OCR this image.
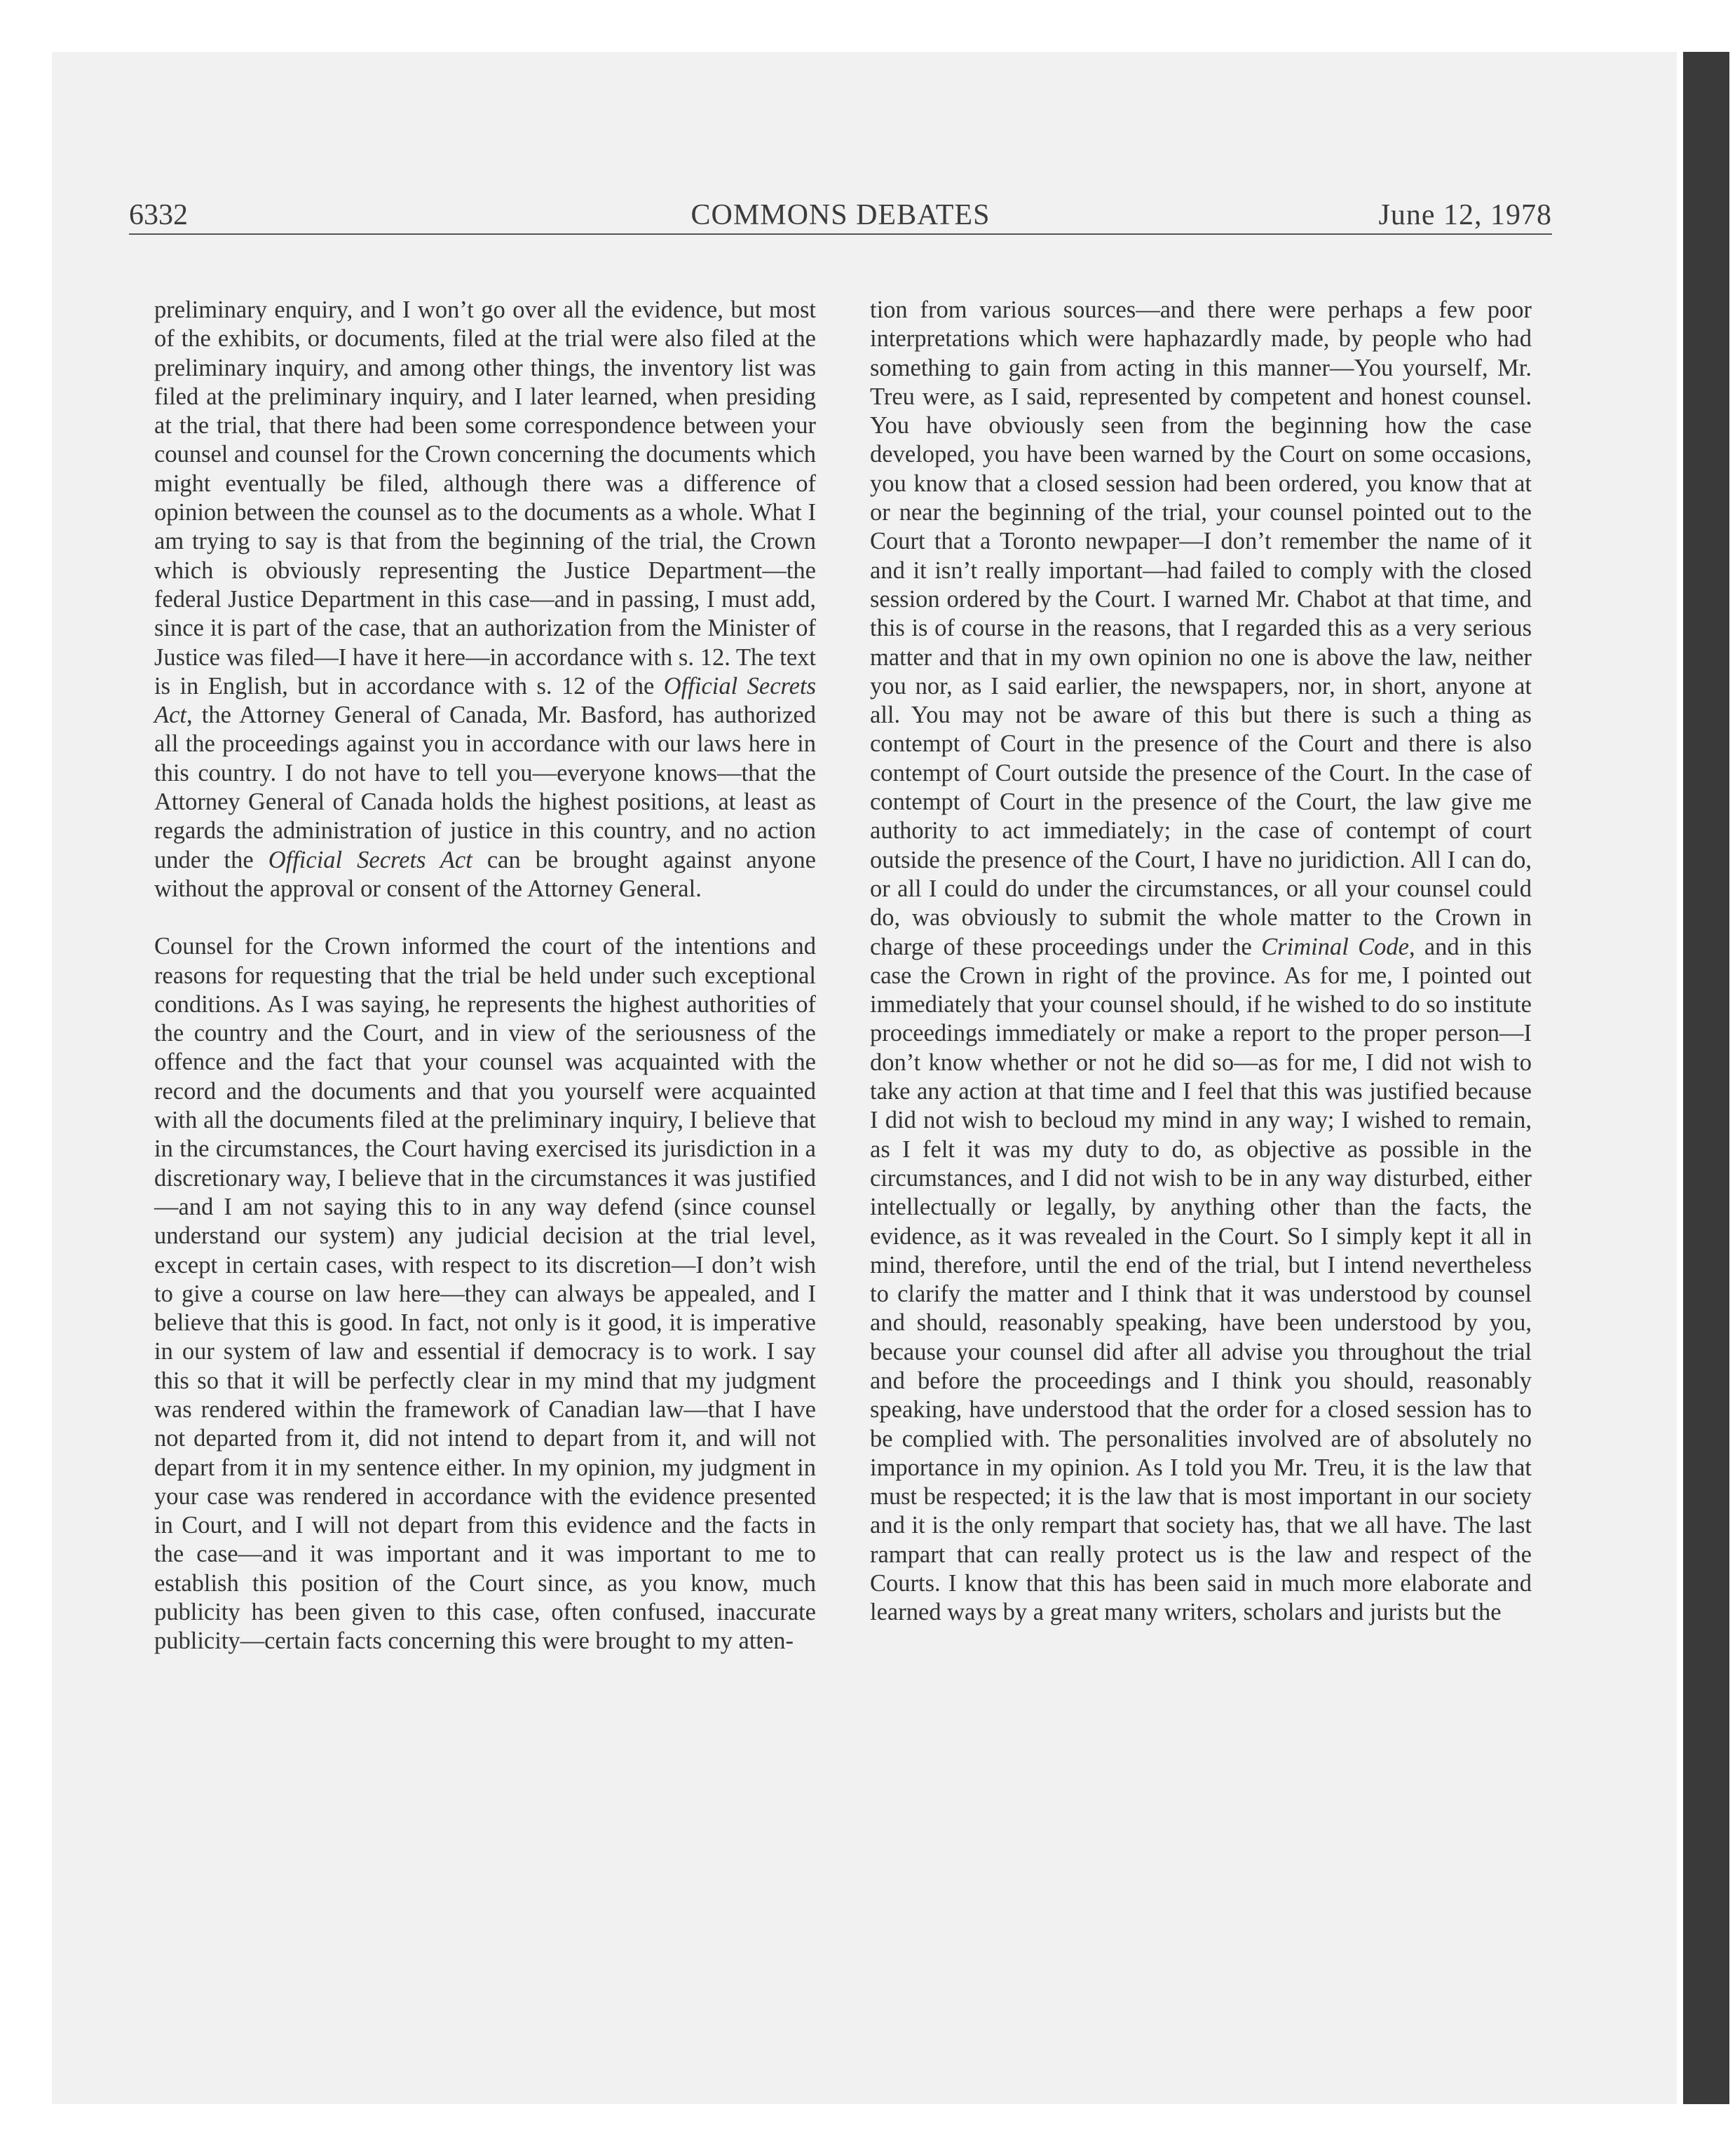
6332	COMMONS DEBATES	June 12, 1978

preliminary enquiry, and I won’t go over all the evidence, but most of the exhibits, or documents, filed at the trial were also filed at the preliminary inquiry, and among other things, the inventory list was filed at the preliminary inquiry, and I later learned, when presiding at the trial, that there had been some correspondence between your counsel and counsel for the Crown concerning the documents which might eventually be filed, although there was a difference of opinion between the counsel as to the documents as a whole. What I am trying to say is that from the beginning of the trial, the Crown which is obviously representing the Justice Department—the federal Justice Department in this case—and in passing, I must add, since it is part of the case, that an authorization from the Minister of Justice was filed—I have it here—in accordance with s. 12. The text is in English, but in accordance with s. 12 of the Official Secrets Act, the Attorney General of Canada, Mr. Basford, has authorized all the proceedings against you in accordance with our laws here in this country. I do not have to tell you—everyone knows—that the Attorney General of Canada holds the highest positions, at least as regards the administration of justice in this country, and no action under the Official Secrets Act can be brought against anyone without the approval or consent of the Attorney General.

Counsel for the Crown informed the court of the intentions and reasons for requesting that the trial be held under such exceptional conditions. As I was saying, he represents the highest authorities of the country and the Court, and in view of the seriousness of the offence and the fact that your counsel was acquainted with the record and the documents and that you yourself were acquainted with all the documents filed at the preliminary inquiry, I believe that in the circumstances, the Court having exercised its jurisdiction in a discretionary way, I believe that in the circumstances it was justified—and I am not saying this to in any way defend (since counsel understand our system) any judicial decision at the trial level, except in certain cases, with respect to its discretion—I don’t wish to give a course on law here—they can always be appealed, and I believe that this is good. In fact, not only is it good, it is imperative in our system of law and essential if democracy is to work. I say this so that it will be perfectly clear in my mind that my judgment was rendered within the framework of Canadian law—that I have not departed from it, did not intend to depart from it, and will not depart from it in my sentence either. In my opinion, my judgment in your case was rendered in accordance with the evidence presented in Court, and I will not depart from this evidence and the facts in the case—and it was important and it was important to me to establish this position of the Court since, as you know, much publicity has been given to this case, often confused, inaccurate publicity—certain facts concerning this were brought to my atten-

tion from various sources—and there were perhaps a few poor interpretations which were haphazardly made, by people who had something to gain from acting in this manner—You yourself, Mr. Treu were, as I said, represented by competent and honest counsel. You have obviously seen from the beginning how the case developed, you have been warned by the Court on some occasions, you know that a closed session had been ordered, you know that at or near the beginning of the trial, your counsel pointed out to the Court that a Toronto newpaper—I don’t remember the name of it and it isn’t really important—had failed to comply with the closed session ordered by the Court. I warned Mr. Chabot at that time, and this is of course in the reasons, that I regarded this as a very serious matter and that in my own opinion no one is above the law, neither you nor, as I said earlier, the newspapers, nor, in short, anyone at all. You may not be aware of this but there is such a thing as contempt of Court in the presence of the Court and there is also contempt of Court outside the presence of the Court. In the case of contempt of Court in the presence of the Court, the law give me authority to act immediately; in the case of contempt of court outside the presence of the Court, I have no juridiction. All I can do, or all I could do under the circumstances, or all your counsel could do, was obviously to submit the whole matter to the Crown in charge of these proceedings under the Criminal Code, and in this case the Crown in right of the province. As for me, I pointed out immediately that your counsel should, if he wished to do so institute proceedings immediately or make a report to the proper person—I don’t know whether or not he did so—as for me, I did not wish to take any action at that time and I feel that this was justified because I did not wish to becloud my mind in any way; I wished to remain, as I felt it was my duty to do, as objective as possible in the circumstances, and I did not wish to be in any way disturbed, either intellectually or legally, by anything other than the facts, the evidence, as it was revealed in the Court. So I simply kept it all in mind, therefore, until the end of the trial, but I intend nevertheless to clarify the matter and I think that it was understood by counsel and should, reasonably speaking, have been understood by you, because your counsel did after all advise you throughout the trial and before the proceedings and I think you should, reasonably speaking, have understood that the order for a closed session has to be complied with. The personalities involved are of absolutely no importance in my opinion. As I told you Mr. Treu, it is the law that must be respected; it is the law that is most important in our society and it is the only rempart that society has, that we all have. The last rampart that can really protect us is the law and respect of the Courts. I know that this has been said in much more elaborate and learned ways by a great many writers, scholars and jurists but the
